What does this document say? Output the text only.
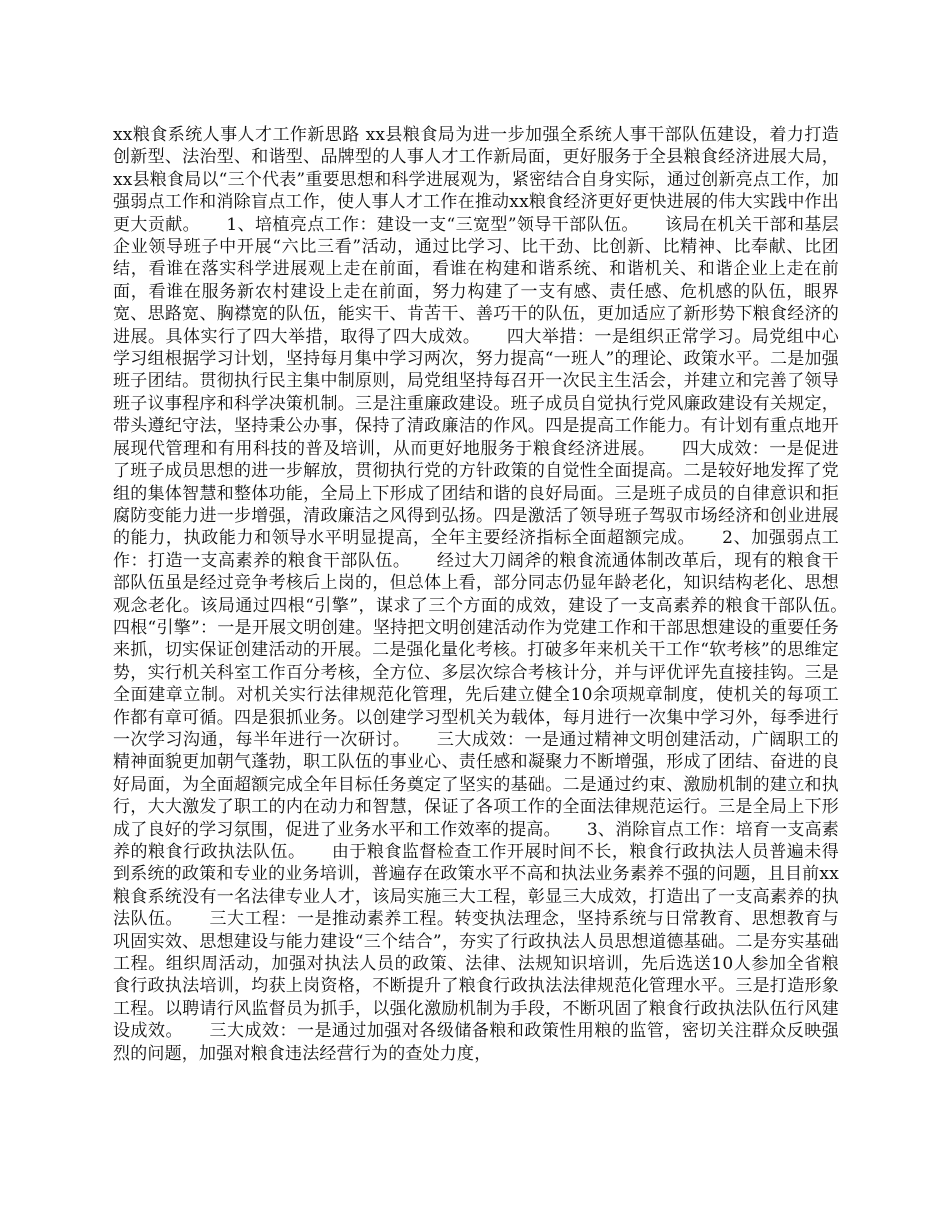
xx粮食系统人事人才工作新思路 xx县粮食局为进一步加强全系统人事干部队伍建设，着力打造创新型、法治型、和谐型、品牌型的人事人才工作新局面，更好服务于全县粮食经济进展大局，xx县粮食局以“三个代表”重要思想和科学进展观为，紧密结合自身实际，通过创新亮点工作，加强弱点工作和消除盲点工作，使人事人才工作在推动xx粮食经济更好更快进展的伟大实践中作出更大贡献。　　1、培植亮点工作：建设一支“三宽型”领导干部队伍。　　该局在机关干部和基层企业领导班子中开展“六比三看”活动，通过比学习、比干劲、比创新、比精神、比奉献、比团结，看谁在落实科学进展观上走在前面，看谁在构建和谐系统、和谐机关、和谐企业上走在前面，看谁在服务新农村建设上走在前面，努力构建了一支有感、责任感、危机感的队伍，眼界宽、思路宽、胸襟宽的队伍，能实干、肯苦干、善巧干的队伍，更加适应了新形势下粮食经济的进展。具体实行了四大举措，取得了四大成效。　　四大举措：一是组织正常学习。局党组中心学习组根据学习计划，坚持每月集中学习两次，努力提高“一班人”的理论、政策水平。二是加强班子团结。贯彻执行民主集中制原则，局党组坚持每召开一次民主生活会，并建立和完善了领导班子议事程序和科学决策机制。三是注重廉政建设。班子成员自觉执行党风廉政建设有关规定，带头遵纪守法，坚持秉公办事，保持了清政廉洁的作风。四是提高工作能力。有计划有重点地开展现代管理和有用科技的普及培训，从而更好地服务于粮食经济进展。　　四大成效：一是促进了班子成员思想的进一步解放，贯彻执行党的方针政策的自觉性全面提高。二是较好地发挥了党组的集体智慧和整体功能，全局上下形成了团结和谐的良好局面。三是班子成员的自律意识和拒腐防变能力进一步增强，清政廉洁之风得到弘扬。四是激活了领导班子驾驭市场经济和创业进展的能力，执政能力和领导水平明显提高，全年主要经济指标全面超额完成。　　2、加强弱点工作：打造一支高素养的粮食干部队伍。　　经过大刀阔斧的粮食流通体制改革后，现有的粮食干部队伍虽是经过竞争考核后上岗的，但总体上看，部分同志仍显年龄老化，知识结构老化、思想观念老化。该局通过四根“引擎”，谋求了三个方面的成效，建设了一支高素养的粮食干部队伍。　　四根“引擎”：一是开展文明创建。坚持把文明创建活动作为党建工作和干部思想建设的重要任务来抓，切实保证创建活动的开展。二是强化量化考核。打破多年来机关干工作“软考核”的思维定势，实行机关科室工作百分考核，全方位、多层次综合考核计分，并与评优评先直接挂钩。三是全面建章立制。对机关实行法律规范化管理，先后建立健全10余项规章制度，使机关的每项工作都有章可循。四是狠抓业务。以创建学习型机关为载体，每月进行一次集中学习外，每季进行一次学习沟通，每半年进行一次研讨。　　三大成效：一是通过精神文明创建活动，广阔职工的精神面貌更加朝气蓬勃，职工队伍的事业心、责任感和凝聚力不断增强，形成了团结、奋进的良好局面，为全面超额完成全年目标任务奠定了坚实的基础。二是通过约束、激励机制的建立和执行，大大激发了职工的内在动力和智慧，保证了各项工作的全面法律规范运行。三是全局上下形成了良好的学习氛围，促进了业务水平和工作效率的提高。　　3、消除盲点工作：培育一支高素养的粮食行政执法队伍。　　由于粮食监督检查工作开展时间不长，粮食行政执法人员普遍未得到系统的政策和专业的业务培训，普遍存在政策水平不高和执法业务素养不强的问题，且目前xx粮食系统没有一名法律专业人才，该局实施三大工程，彰显三大成效，打造出了一支高素养的执法队伍。　　三大工程：一是推动素养工程。转变执法理念，坚持系统与日常教育、思想教育与巩固实效、思想建设与能力建设“三个结合”，夯实了行政执法人员思想道德基础。二是夯实基础工程。组织周活动，加强对执法人员的政策、法律、法规知识培训，先后选送10人参加全省粮食行政执法培训，均获上岗资格，不断提升了粮食行政执法法律规范化管理水平。三是打造形象工程。以聘请行风监督员为抓手，以强化激励机制为手段，不断巩固了粮食行政执法队伍行风建设成效。　　三大成效：一是通过加强对各级储备粮和政策性用粮的监管，密切关注群众反映强烈的问题，加强对粮食违法经营行为的查处力度，
